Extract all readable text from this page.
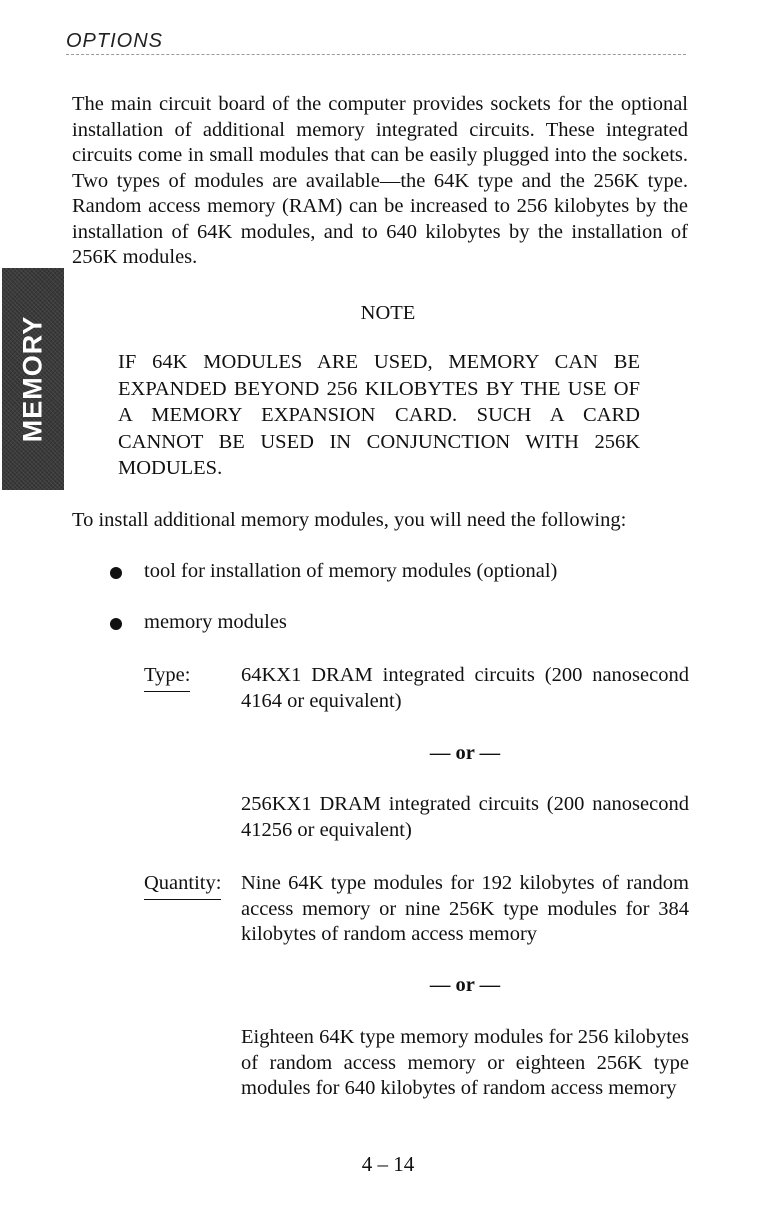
OPTIONS
MEMORY

The main circuit board of the computer provides sockets for the optional installation of additional memory integrated circuits. These integrated circuits come in small modules that can be easily plugged into the sockets. Two types of modules are available—the 64K type and the 256K type. Random access memory (RAM) can be increased to 256 kilobytes by the installation of 64K modules, and to 640 kilobytes by the installation of 256K modules.

NOTE

IF 64K MODULES ARE USED, MEMORY CAN BE EXPANDED BEYOND 256 KILOBYTES BY THE USE OF A MEMORY EXPANSION CARD. SUCH A CARD CANNOT BE USED IN CONJUNCTION WITH 256K MODULES.

To install additional memory modules, you will need the following:

tool for installation of memory modules (optional)
memory modules
Type: 64KX1 DRAM integrated circuits (200 nanosecond 4164 or equivalent)

— or —

256KX1 DRAM integrated circuits (200 nanosecond 41256 or equivalent)

Quantity: Nine 64K type modules for 192 kilobytes of random access memory or nine 256K type modules for 384 kilobytes of random access memory

— or —

Eighteen 64K type memory modules for 256 kilobytes of random access memory or eighteen 256K type modules for 640 kilobytes of random access memory

4 – 14
